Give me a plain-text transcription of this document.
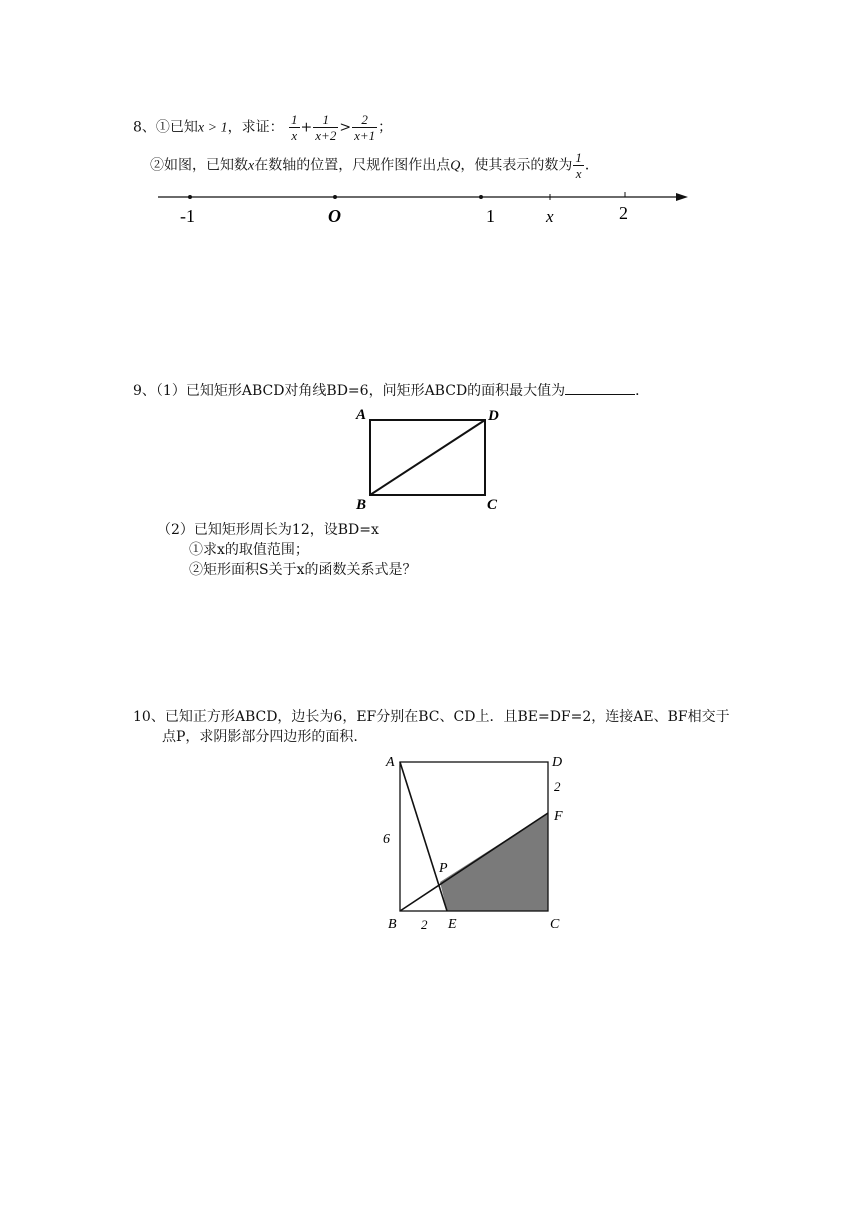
8、①已知x > 1，求证： $\frac{1}{x} + \frac{1}{x+2} > \frac{2}{x+1}$ ；
②如图，已知数x在数轴的位置，尺规作图作出点Q，使其表示的数为 $\frac{1}{x}$ ．
-1	O	1	x	2
9、（1）已知矩形ABCD对角线BD=6，问矩形ABCD的面积最大值为	．
A	D
B	C
（2）已知矩形周长为12，设BD=x
①求x的取值范围；
②矩形面积S关于x的函数关系式是？
10、已知正方形ABCD，边长为6，EF分别在BC、CD上．且BE=DF=2，连接AE、BF相交于
点P，求阴影部分四边形的面积.
A	D
2
F
6
P
B 2 E	C
